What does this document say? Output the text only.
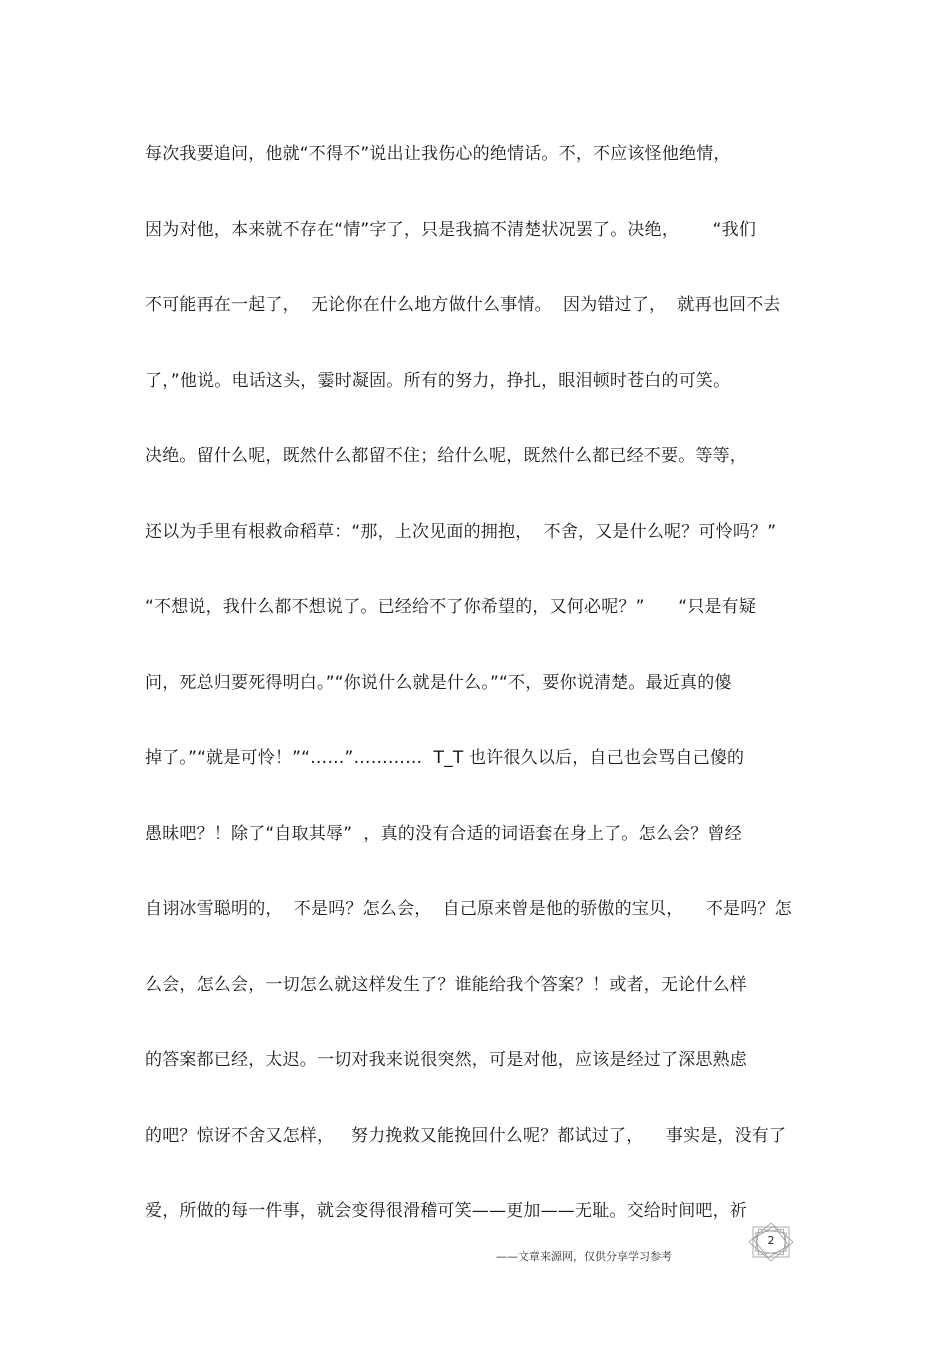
每次我要追问，他就“不得不”说出让我伤心的绝情话。不，不应该怪他绝情，
因为对他，本来就不存在“情”字了，只是我搞不清楚状况罢了。决绝，      “我们
不可能再在一起了，  无论你在什么地方做什么事情。  因为错过了，  就再也回不去
了，”他说。电话这头，霎时凝固。所有的努力，挣扎，眼泪顿时苍白的可笑。
决绝。留什么呢，既然什么都留不住；给什么呢，既然什么都已经不要。等等，
还以为手里有根救命稻草：“那，上次见面的拥抱，  不舍，又是什么呢？可怜吗？”
“不想说，我什么都不想说了。已经给不了你希望的，又何必呢？”      “只是有疑
问，死总归要死得明白。”“你说什么就是什么。”“不，要你说清楚。最近真的傻
掉了。”“就是可怜！”“……”…………  T_T 也许很久以后，自己也会骂自己傻的
愚昧吧？！除了“自取其辱”  ，真的没有合适的词语套在身上了。怎么会？曾经
自诩冰雪聪明的，  不是吗？怎么会，  自己原来曾是他的骄傲的宝贝，    不是吗？怎
么会，怎么会，一切怎么就这样发生了？谁能给我个答案？！或者，无论什么样
的答案都已经，太迟。一切对我来说很突然，可是对他，应该是经过了深思熟虑
的吧？惊讶不舍又怎样，   努力挽救又能挽回什么呢？都试过了，    事实是，没有了
爱，所做的每一件事，就会变得很滑稽可笑——更加——无耻。交给时间吧，祈
——文章来源网，仅供分享学习参考
2
